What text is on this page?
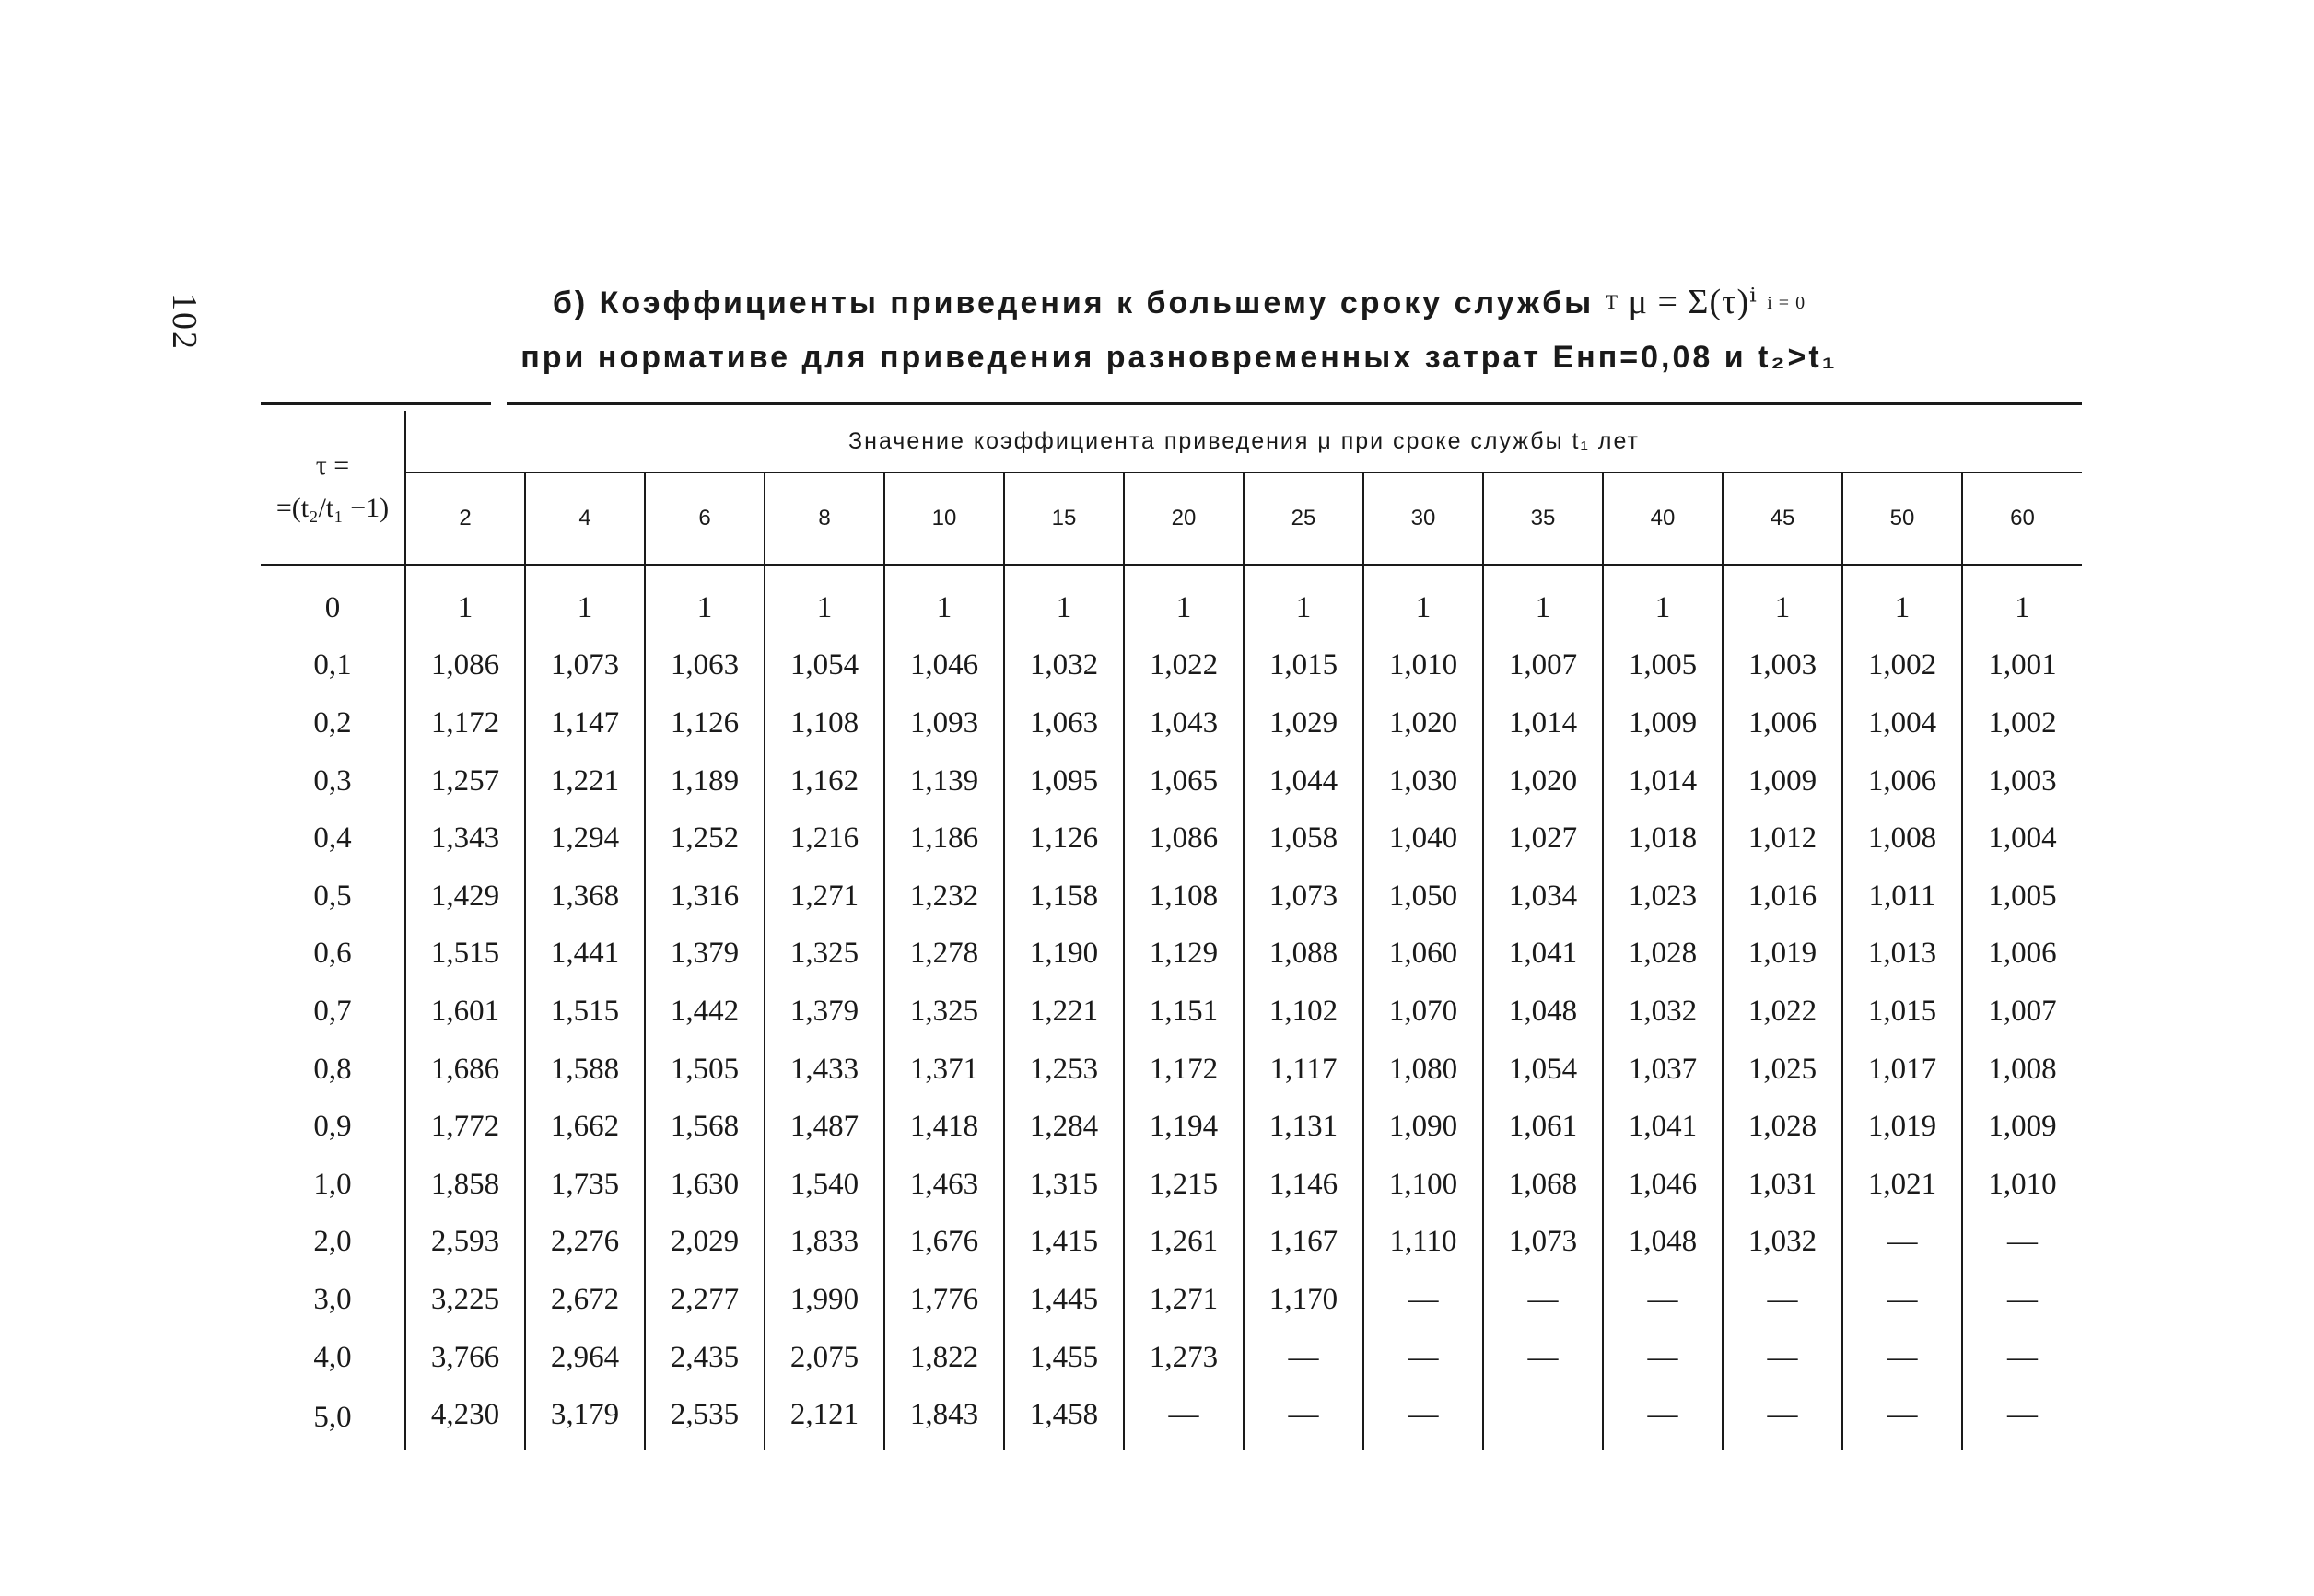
102	б) Коэффициенты приведения к большему сроку службы $^T$ μ = Σ(τ)ⁱ i = 0
при нормативе для приведения разновременных затрат Eнп=0,08 и t₂>t₁
τ =
=(t₂/t₁ −1)	Значение коэффициента приведения μ при сроке службы t₁ лет													
	2	4	6	8	10	15	20	25	30	35	40	45	50	60

0	1	1	1	1	1	1	1	1	1	1	1	1	1	1
0,1	1,086	1,073	1,063	1,054	1,046	1,032	1,022	1,015	1,010	1,007	1,005	1,003	1,002	1,001
0,2	1,172	1,147	1,126	1,108	1,093	1,063	1,043	1,029	1,020	1,014	1,009	1,006	1,004	1,002
0,3	1,257	1,221	1,189	1,162	1,139	1,095	1,065	1,044	1,030	1,020	1,014	1,009	1,006	1,003
0,4	1,343	1,294	1,252	1,216	1,186	1,126	1,086	1,058	1,040	1,027	1,018	1,012	1,008	1,004
0,5	1,429	1,368	1,316	1,271	1,232	1,158	1,108	1,073	1,050	1,034	1,023	1,016	1,011	1,005
0,6	1,515	1,441	1,379	1,325	1,278	1,190	1,129	1,088	1,060	1,041	1,028	1,019	1,013	1,006
0,7	1,601	1,515	1,442	1,379	1,325	1,221	1,151	1,102	1,070	1,048	1,032	1,022	1,015	1,007
0,8	1,686	1,588	1,505	1,433	1,371	1,253	1,172	1,117	1,080	1,054	1,037	1,025	1,017	1,008
0,9	1,772	1,662	1,568	1,487	1,418	1,284	1,194	1,131	1,090	1,061	1,041	1,028	1,019	1,009
1,0	1,858	1,735	1,630	1,540	1,463	1,315	1,215	1,146	1,100	1,068	1,046	1,031	1,021	1,010
2,0	2,593	2,276	2,029	1,833	1,676	1,415	1,261	1,167	1,110	1,073	1,048	1,032	—	—
3,0	3,225	2,672	2,277	1,990	1,776	1,445	1,271	1,170	—	—	—	—	—	—
4,0	3,766	2,964	2,435	2,075	1,822	1,455	1,273	—	—	—	—	—	—	—
5,0	4,230	3,179	2,535	2,121	1,843	1,458	—	—	—		—	—	—	—
